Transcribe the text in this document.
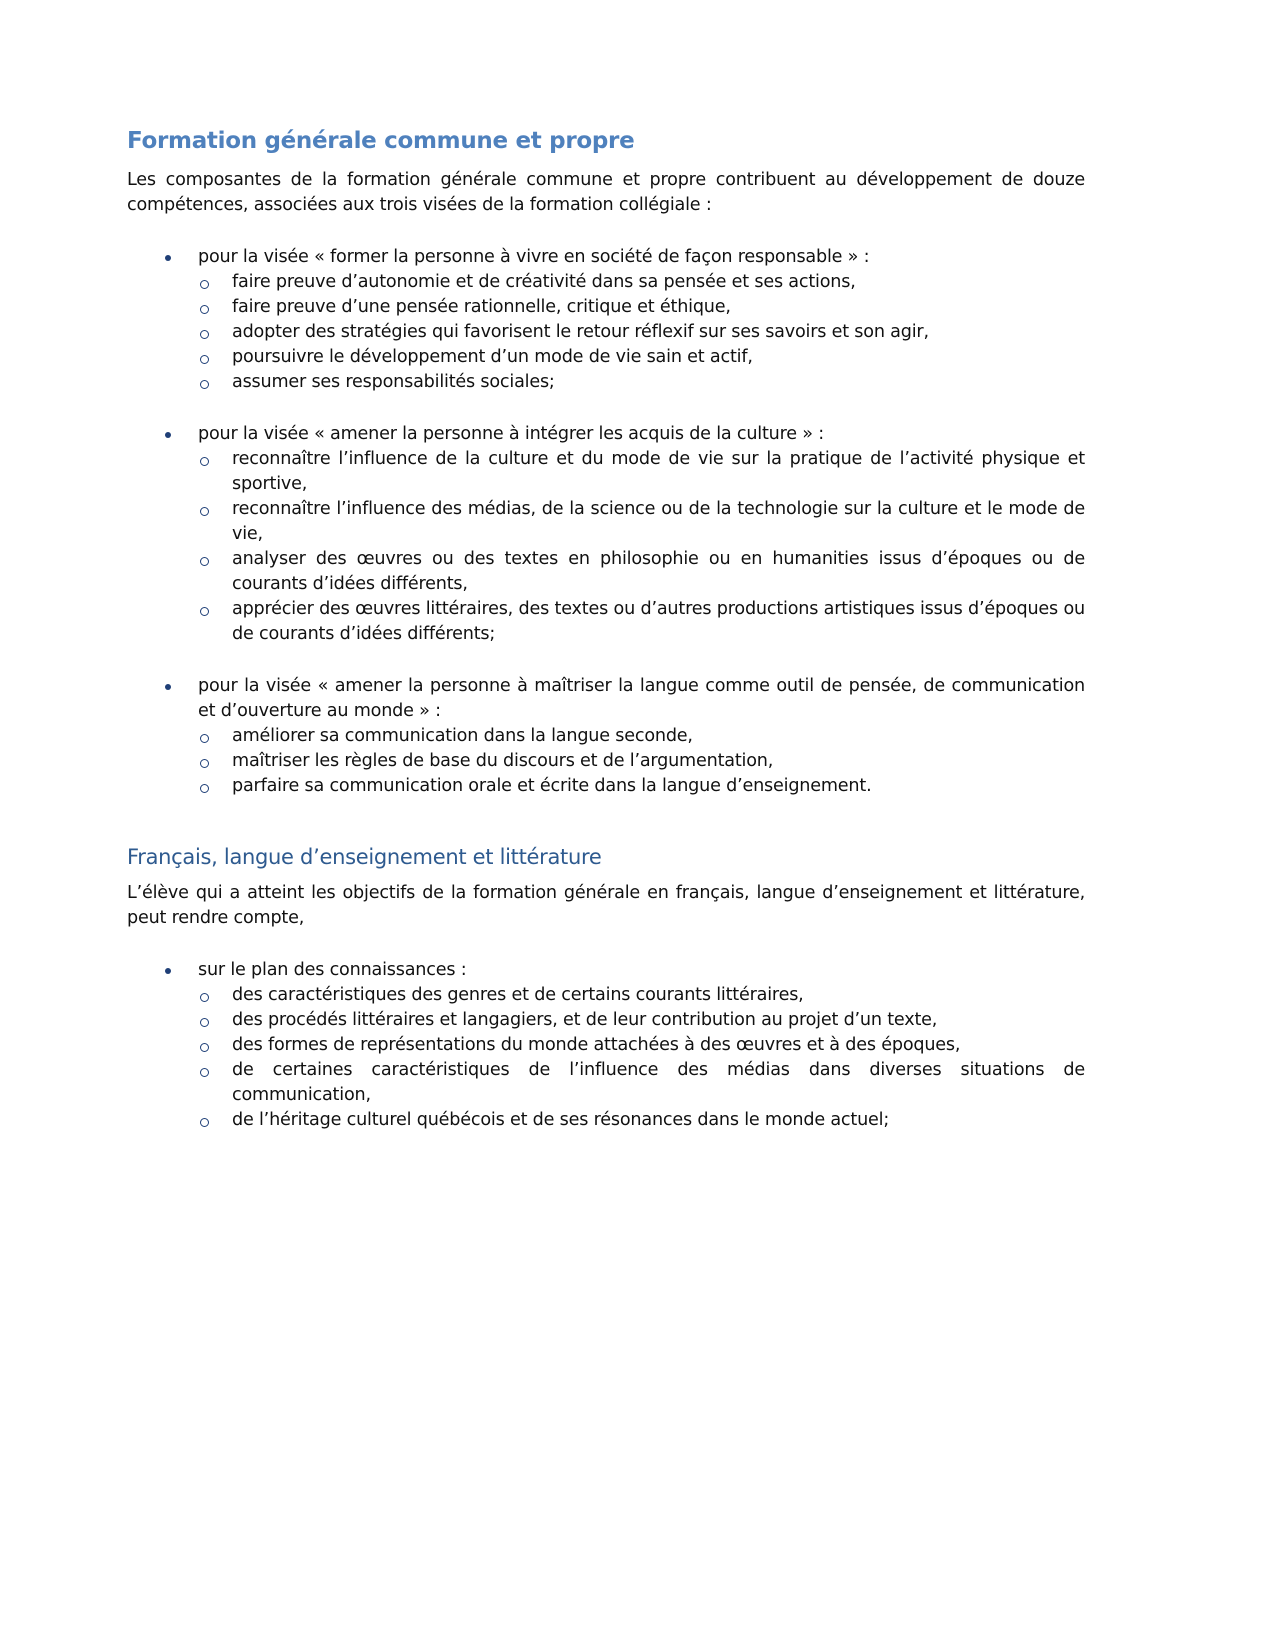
Formation générale commune et propre

Les composantes de la formation générale commune et propre contribuent au développement de douze compétences, associées aux trois visées de la formation collégiale :

pour la visée « former la personne à vivre en société de façon responsable » :
faire preuve d’autonomie et de créativité dans sa pensée et ses actions,
faire preuve d’une pensée rationnelle, critique et éthique,
adopter des stratégies qui favorisent le retour réflexif sur ses savoirs et son agir,
poursuivre le développement d’un mode de vie sain et actif,
assumer ses responsabilités sociales;
pour la visée « amener la personne à intégrer les acquis de la culture » :
reconnaître l’influence de la culture et du mode de vie sur la pratique de l’activité physique et sportive,
reconnaître l’influence des médias, de la science ou de la technologie sur la culture et le mode de vie,
analyser des œuvres ou des textes en philosophie ou en humanities issus d’époques ou de courants d’idées différents,
apprécier des œuvres littéraires, des textes ou d’autres productions artistiques issus d’époques ou de courants d’idées différents;
pour la visée « amener la personne à maîtriser la langue comme outil de pensée, de communication et d’ouverture au monde » :
améliorer sa communication dans la langue seconde,
maîtriser les règles de base du discours et de l’argumentation,
parfaire sa communication orale et écrite dans la langue d’enseignement.
Français, langue d’enseignement et littérature

L’élève qui a atteint les objectifs de la formation générale en français, langue d’enseignement et littérature, peut rendre compte,

sur le plan des connaissances :
des caractéristiques des genres et de certains courants littéraires,
des procédés littéraires et langagiers, et de leur contribution au projet d’un texte,
des formes de représentations du monde attachées à des œuvres et à des époques,
de certaines caractéristiques de l’influence des médias dans diverses situations de communication,
de l’héritage culturel québécois et de ses résonances dans le monde actuel;
